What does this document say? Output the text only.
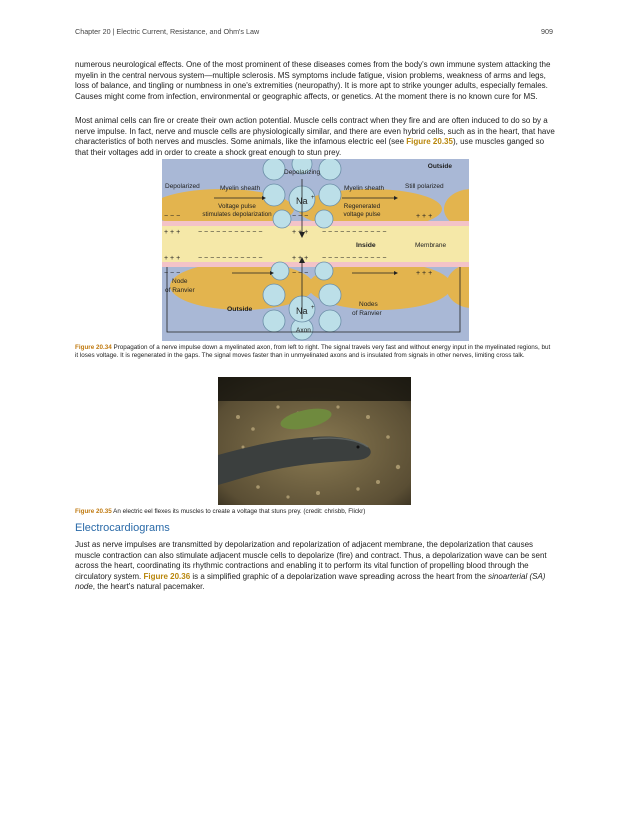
Chapter 20 | Electric Current, Resistance, and Ohm's Law	909

numerous neurological effects. One of the most prominent of these diseases comes from the body's own immune system attacking the myelin in the central nervous system—multiple sclerosis. MS symptoms include fatigue, vision problems, weakness of arms and legs, loss of balance, and tingling or numbness in one's extremities (neuropathy). It is more apt to strike younger adults, especially females. Causes might come from infection, environmental or geographic affects, or genetics. At the moment there is no known cure for MS.

Most animal cells can fire or create their own action potential. Muscle cells contract when they fire and are often induced to do so by a nerve impulse. In fact, nerve and muscle cells are physiologically similar, and there are even hybrid cells, such as in the heart, that have characteristics of both nerves and muscles. Some animals, like the infamous electric eel (see Figure 20.35), use muscles ganged so that their voltages add in order to create a shock great enough to stun prey.

Outside
Depolarizing
Depolarized	Myelin sheath	Myelin sheath	Still polarized
Na +
Voltage pulse
stimulates depolarization
Regenerated
voltage pulse
− − −	− − −	+ + +
+ + +	− − − − − − − − − − −	+ + + − − − − − − − − − − −
Inside	Membrane
+ + +	− − − − − − − − − − −	+ + + − − − − − − − − − − −
− − −	− − −	+ + +
Node
of Ranvier
Outside	Na +	Nodes
of Ranvier
Axon

Figure 20.34 Propagation of a nerve impulse down a myelinated axon, from left to right. The signal travels very fast and without energy input in the myelinated regions, but it loses voltage. It is regenerated in the gaps. The signal moves faster than in unmyelinated axons and is insulated from signals in other nerves, limiting cross talk.

Figure 20.35 An electric eel flexes its muscles to create a voltage that stuns prey. (credit: chrisbb, Flickr)

Electrocardiograms

Just as nerve impulses are transmitted by depolarization and repolarization of adjacent membrane, the depolarization that causes muscle contraction can also stimulate adjacent muscle cells to depolarize (fire) and contract. Thus, a depolarization wave can be sent across the heart, coordinating its rhythmic contractions and enabling it to perform its vital function of propelling blood through the circulatory system. Figure 20.36 is a simplified graphic of a depolarization wave spreading across the heart from the sinoarterial (SA) node, the heart's natural pacemaker.
